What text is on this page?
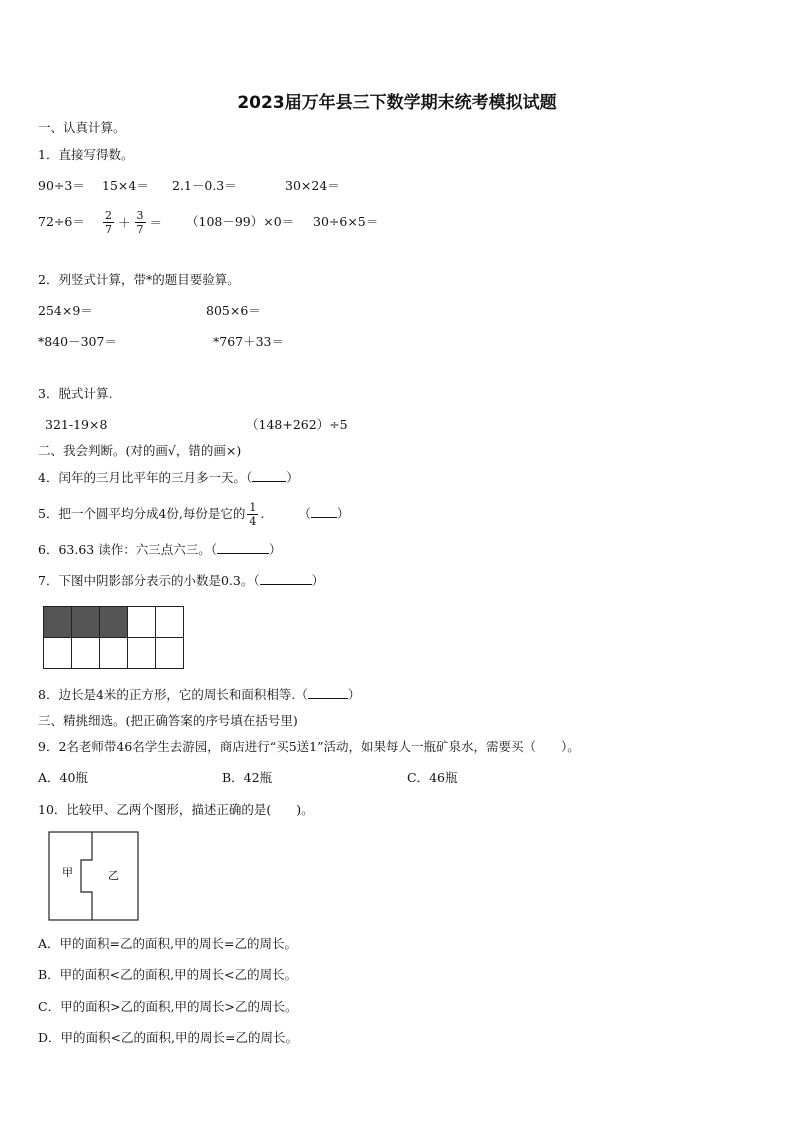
2023届万年县三下数学期末统考模拟试题
一、认真计算。
1．直接写得数。
90÷3＝ 15×4＝ 2.1－0.3＝	30×24＝
$72\div 6= \frac{2}{7} + \frac{3}{7} = (108-99)\times 0= 30\div 6\times 5=$
2．列竖式计算，带*的题目要验算。
254×9＝	805×6＝
*840－307＝	*767＋33＝
3．脱式计算.
321-19×8	（148+262）÷5
二、我会判断。(对的画√，错的画×)
4．闰年的三月比平年的三月多一天。（	）
5．把一个圆平均分成4份,每份是它的 $\frac{1}{4}$ .	（ ）
6．63.63 读作：六三点六三。（	）
7．下图中阴影部分表示的小数是0.3。（	）

8．边长是4米的正方形，它的周长和面积相等.（	）
三、精挑细选。(把正确答案的序号填在括号里)
9．2名老师带46名学生去游园，商店进行“买5送1”活动，如果每人一瓶矿泉水，需要买（　　）。
A．40瓶	B．42瓶	C．46瓶
10．比较甲、乙两个图形，描述正确的是(　　)。
甲	乙
A．甲的面积=乙的面积,甲的周长=乙的周长。
B．甲的面积<乙的面积,甲的周长<乙的周长。
C．甲的面积>乙的面积,甲的周长>乙的周长。
D．甲的面积<乙的面积,甲的周长=乙的周长。
